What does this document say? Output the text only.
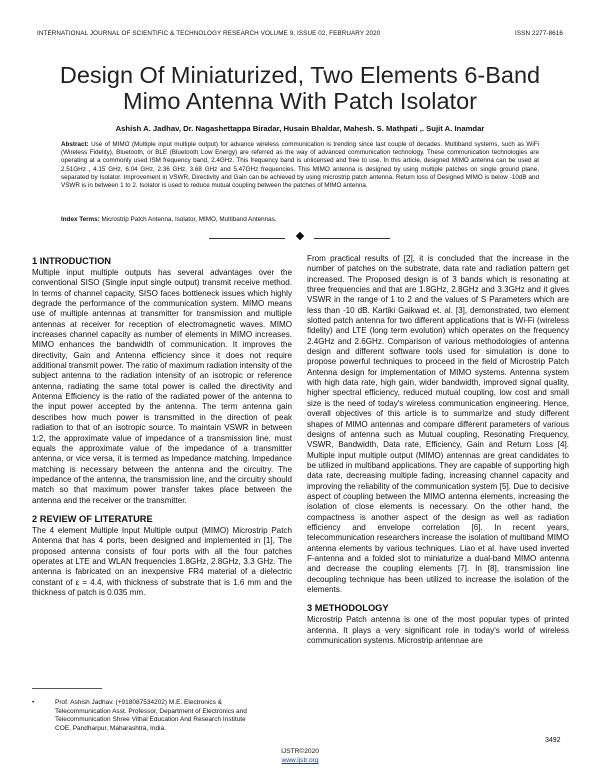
INTERNATIONAL JOURNAL OF SCIENTIFIC & TECHNOLOGY RESEARCH VOLUME 9, ISSUE 02, FEBRUARY 2020	ISSN 2277-8616
Design Of Miniaturized, Two Elements 6-Band
Mimo Antenna With Patch Isolator
Ashish A. Jadhav, Dr. Nagashettappa Biradar, Husain Bhaldar, Mahesh. S. Mathpati ,. Sujit A. Inamdar
Abstract: Use of MIMO (Multiple input multiple output) for advance wireless communication is trending since last couple of decades. Multiband systems, such as WiFi (Wireless Fidelity), Bluetooth, or BLE (Bluetooth Low Energy) are referred as the way of advanced communication technology. These communication technologies are operating at a commonly used ISM frequency band, 2.4GHz. This frequency band is unlicensed and free to use. In this article, designed MIMO antenna can be used at 2.51GHz , 4.15 GHz, 6.04 GHz, 2.36 GHz, 3.68 GHz and 5.47GHz frequencies. This MIMO antenna is designed by using multiple patches on single ground plane, separated by Isolator. Improvement in VSWR, Directivity and Gain can be achieved by using microstrip patch antenna. Return loss of Designed MIMO is below -10dB and VSWR is in between 1 to 2. Isolator is used to reduce mutual coupling between the patches of MIMO antenna.
Index Terms: Microstrip Patch Antenna, Isolator, MIMO, Multiband Antennas.
1 INTRODUCTION

Multiple input multiple outputs has several advantages over the conventional SISO (Single input single output) transmit receive method. In terms of channel capacity, SISO faces bottleneck issues which highly degrade the performance of the communication system. MIMO means use of multiple antennas at transmitter for transmission and multiple antennas at receiver for reception of electromagnetic waves. MIMO increases channel capacity as number of elements in MIMO increases. MIMO enhances the bandwidth of communication. It improves the directivity, Gain and Antenna efficiency since it does not require additional transmit power. The ratio of maximum radiation intensity of the subject antenna to the radiation intensity of an isotropic or reference antenna, radiating the same total power is called the directivity and Antenna Efficiency is the ratio of the radiated power of the antenna to the input power accepted by the antenna. The term antenna gain describes how much power is transmitted in the direction of peak radiation to that of an isotropic source. To maintain VSWR in between 1:2, the approximate value of impedance of a transmission line, must equals the approximate value of the impedance of a transmitter antenna, or vice versa, it is termed as Impedance matching. Impedance matching is necessary between the antenna and the circuitry. The impedance of the antenna, the transmission line, and the circuitry should match so that maximum power transfer takes place between the antenna and the receiver or the transmitter.

2 REVIEW OF LITERATURE

The 4 element Multiple Input Multiple output (MIMO) Microstrip Patch Antenna that has 4 ports, been designed and implemented in [1], The proposed antenna consists of four ports with all the four patches operates at LTE and WLAN frequencies 1.8GHz, 2.8GHz, 3.3 GHz. The antenna is fabricated on an inexpensive FR4 material of a dielectric constant of ε = 4.4, with thickness of substrate that is 1.6 mm and the thickness of patch is 0.035 mm.

From practical results of [2], it is concluded that the increase in the number of patches on the substrate, data rate and radiation pattern get increased. The Proposed design is of 3 bands which is resonating at three frequencies and that are 1.8GHz, 2.8GHz and 3.3GHz and it gives VSWR in the range of 1 to 2 and the values of S Parameters which are less than -10 dB. Kartiki Gaikwad et. al. [3], demonstrated, two element slotted patch antenna for two different applications that is Wi-Fi (wireless fidelity) and LTE (long term evolution) which operates on the frequency 2.4GHz and 2.6GHz. Comparison of various methodologies of antenna design and different software tools used for simulation is done to propose powerful techniques to proceed in the field of Microstrip Patch Antenna design for implementation of MIMO systems. Antenna system with high data rate, high gain, wider bandwidth, improved signal quality, higher spectral efficiency, reduced mutual coupling, low cost and small size is the need of today's wireless communication engineering. Hence, overall objectives of this article is to summarize and study different shapes of MIMO antennas and compare different parameters of various designs of antenna such as Mutual coupling, Resonating Frequency, VSWR, Bandwidth, Data rate, Efficiency, Gain and Return Loss [4]. Multiple input multiple output (MIMO) antennas are great candidates to be utilized in multiband applications. They are capable of supporting high data rate, decreasing multiple fading, increasing channel capacity and improving the reliability of the communication system [5]. Due to decisive aspect of coupling between the MIMO antenna elements, increasing the isolation of close elements is necessary. On the other hand, the compactness is another aspect of the design as well as radiation efficiency and envelope correlation [6]. In recent years, telecommunication researchers increase the isolation of multiband MIMO antenna elements by various techniques. Liao et al. have used inverted F-antenna and a folded slot to miniaturize a dual-band MIMO antenna and decrease the coupling elements [7]. In [8], transmission line decoupling technique has been utilized to increase the isolation of the elements.

3 METHODOLOGY

Microstrip Patch antenna is one of the most popular types of printed antenna. It plays a very significant role in today's world of wireless communication systems. Microstrip antennae are

•	Prof. Ashish Jadhav. (+918087534202) M.E. Electronics & Telecommunication Asst. Professor, Department of Electronics and Telecommunication Shree Vithal Education And Research Institute COE, Pandharpur, Maharashtra, India.
3492
IJSTR©2020
www.ijstr.org
